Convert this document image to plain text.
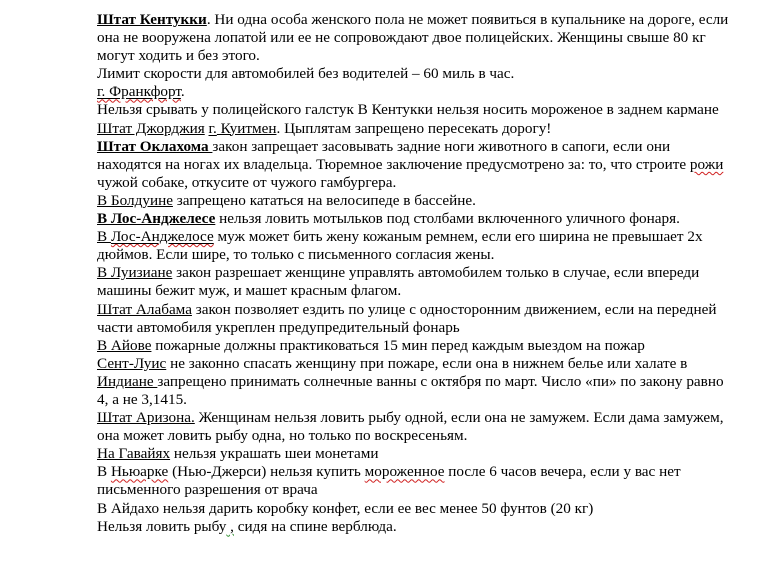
Штат Кентукки. Ни одна особа женского пола не может появиться в купальнике на дороге, если она не вооружена лопатой или ее не сопровождают двое полицейских. Женщины свыше 80 кг могут ходить и без этого.

Лимит скорости для автомобилей без водителей – 60 миль в час.

г. Франкфорт.

Нельзя срывать у полицейского галстук В Кентукки нельзя носить мороженое в заднем кармане

Штат Джорджия г. Куитмен. Цыплятам запрещено пересекать дорогу!

Штат Оклахома закон запрещает засовывать задние ноги животного в сапоги, если они находятся на ногах их владельца. Тюремное заключение предусмотрено за: то, что строите рожи чужой собаке, откусите от чужого гамбургера.

В Болдуине запрещено кататься на велосипеде в бассейне.

В Лос-Анджелесе нельзя ловить мотыльков под столбами включенного уличного фонаря.

В Лос-Анджелосе муж может бить жену кожаным ремнем, если его ширина не превышает 2х дюймов. Если шире, то только с письменного согласия жены.

В Луизиане закон разрешает женщине управлять автомобилем только в случае, если впереди машины бежит муж, и машет красным флагом.

Штат Алабама закон позволяет ездить по улице с односторонним движением, если на передней части автомобиля укреплен предупредительный фонарь

В Айове пожарные должны практиковаться 15 мин перед каждым выездом на пожар

Сент-Луис не законно спасать женщину при пожаре, если она в нижнем белье или халате в Индиане запрещено принимать солнечные ванны с октября по март. Число «пи» по закону равно 4, а не 3,1415.

Штат Аризона. Женщинам нельзя ловить рыбу одной, если она не замужем. Если дама замужем, она может ловить рыбу одна, но только по воскресеньям.

На Гавайях нельзя украшать шеи монетами

В Ньюарке (Нью-Джерси) нельзя купить мороженное после 6 часов вечера, если у вас нет письменного разрешения от врача

В Айдахо нельзя дарить коробку конфет, если ее вес менее 50 фунтов (20 кг)

Нельзя ловить рыбу , сидя на спине верблюда.
